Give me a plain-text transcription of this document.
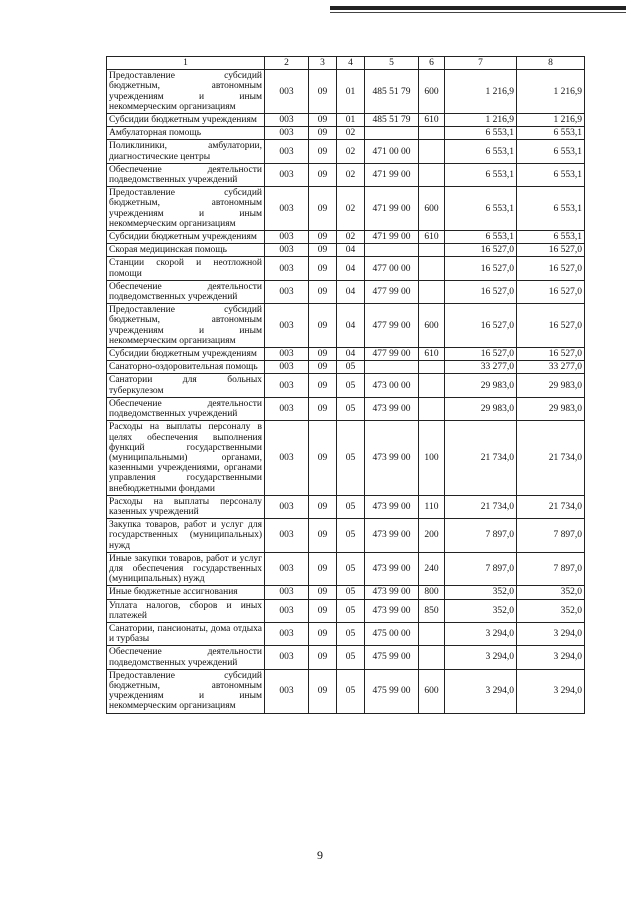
1	2	3	4	5	6	7	8
Предоставление субсидий бюджетным, автономным учреждениям и иным некоммерческим организациям	003	09	01	485 51 79	600	1 216,9	1 216,9
Субсидии бюджетным учреждениям	003	09	01	485 51 79	610	1 216,9	1 216,9
Амбулаторная помощь	003	09	02			6 553,1	6 553,1
Поликлиники, амбулатории, диагностические центры	003	09	02	471 00 00		6 553,1	6 553,1
Обеспечение деятельности подведомственных учреждений	003	09	02	471 99 00		6 553,1	6 553,1
Предоставление субсидий бюджетным, автономным учреждениям и иным некоммерческим организациям	003	09	02	471 99 00	600	6 553,1	6 553,1
Субсидии бюджетным учреждениям	003	09	02	471 99 00	610	6 553,1	6 553,1
Скорая медицинская помощь	003	09	04			16 527,0	16 527,0
Станции скорой и неотложной помощи	003	09	04	477 00 00		16 527,0	16 527,0
Обеспечение деятельности подведомственных учреждений	003	09	04	477 99 00		16 527,0	16 527,0
Предоставление субсидий бюджетным, автономным учреждениям и иным некоммерческим организациям	003	09	04	477 99 00	600	16 527,0	16 527,0
Субсидии бюджетным учреждениям	003	09	04	477 99 00	610	16 527,0	16 527,0
Санаторно-оздоровительная помощь	003	09	05			33 277,0	33 277,0
Санатории для больных туберкулезом	003	09	05	473 00 00		29 983,0	29 983,0
Обеспечение деятельности подведомственных учреждений	003	09	05	473 99 00		29 983,0	29 983,0
Расходы на выплаты персоналу в целях обеспечения выполнения функций государственными (муниципальными) органами, казенными учреждениями, органами управления государственными внебюджетными фондами	003	09	05	473 99 00	100	21 734,0	21 734,0
Расходы на выплаты персоналу казенных учреждений	003	09	05	473 99 00	110	21 734,0	21 734,0
Закупка товаров, работ и услуг для государственных (муниципальных) нужд	003	09	05	473 99 00	200	7 897,0	7 897,0
Иные закупки товаров, работ и услуг для обеспечения государственных (муниципальных) нужд	003	09	05	473 99 00	240	7 897,0	7 897,0
Иные бюджетные ассигнования	003	09	05	473 99 00	800	352,0	352,0
Уплата налогов, сборов и иных платежей	003	09	05	473 99 00	850	352,0	352,0
Санатории, пансионаты, дома отдыха и турбазы	003	09	05	475 00 00		3 294,0	3 294,0
Обеспечение деятельности подведомственных учреждений	003	09	05	475 99 00		3 294,0	3 294,0
Предоставление субсидий бюджетным, автономным учреждениям и иным некоммерческим организациям	003	09	05	475 99 00	600	3 294,0	3 294,0
9
